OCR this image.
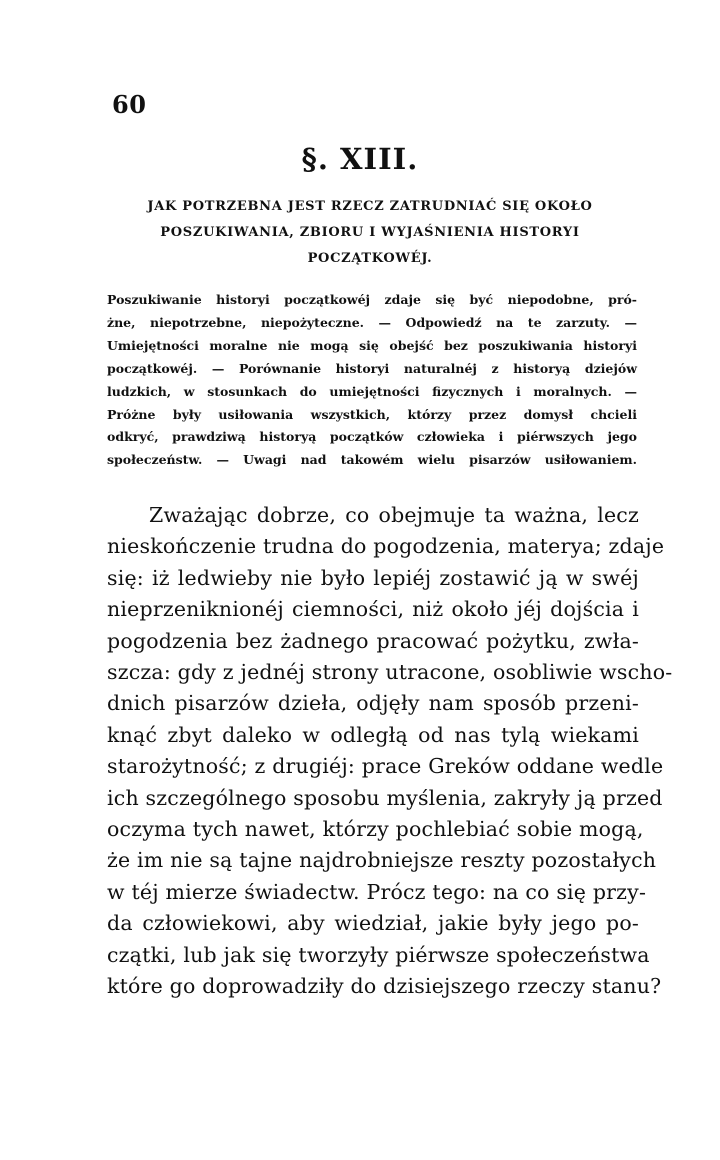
60
§. XIII.
JAK POTRZEBNA JEST RZECZ ZATRUDNIAĆ SIĘ OKOŁO
POSZUKIWANIA, ZBIORU I WYJAŚNIENIA HISTORYI
POCZĄTKOWÉJ.
Poszukiwanie historyi początkowéj zdaje się być niepodobne, pró-
żne, niepotrzebne, niepożyteczne. — Odpowiedź na te zarzuty. —
Umiejętności moralne nie mogą się obejść bez poszukiwania historyi
początkowéj. — Porównanie historyi naturalnéj z historyą dziejów
ludzkich, w stosunkach do umiejętności fizycznych i moralnych. —
Próżne były usiłowania wszystkich, którzy przez domysł chcieli
odkryć, prawdziwą historyą początków człowieka i piérwszych jego
społeczeństw. — Uwagi nad takowém wielu pisarzów usiłowaniem.
Zważając dobrze, co obejmuje ta ważna, lecz
nieskończenie trudna do pogodzenia, materya; zdaje
się: iż ledwieby nie było lepiéj zostawić ją w swéj
nieprzeniknionéj ciemności, niż około jéj dojścia i
pogodzenia bez żadnego pracować pożytku, zwła-
szcza: gdy z jednéj strony utracone, osobliwie wscho-
dnich pisarzów dzieła, odjęły nam sposób przeni-
knąć zbyt daleko w odległą od nas tylą wiekami
starożytność; z drugiéj: prace Greków oddane wedle
ich szczególnego sposobu myślenia, zakryły ją przed
oczyma tych nawet, którzy pochlebiać sobie mogą,
że im nie są tajne najdrobniejsze reszty pozostałych
w téj mierze świadectw. Prócz tego: na co się przy-
da człowiekowi, aby wiedział, jakie były jego po-
czątki, lub jak się tworzyły piérwsze społeczeństwa
które go doprowadziły do dzisiejszego rzeczy stanu?
